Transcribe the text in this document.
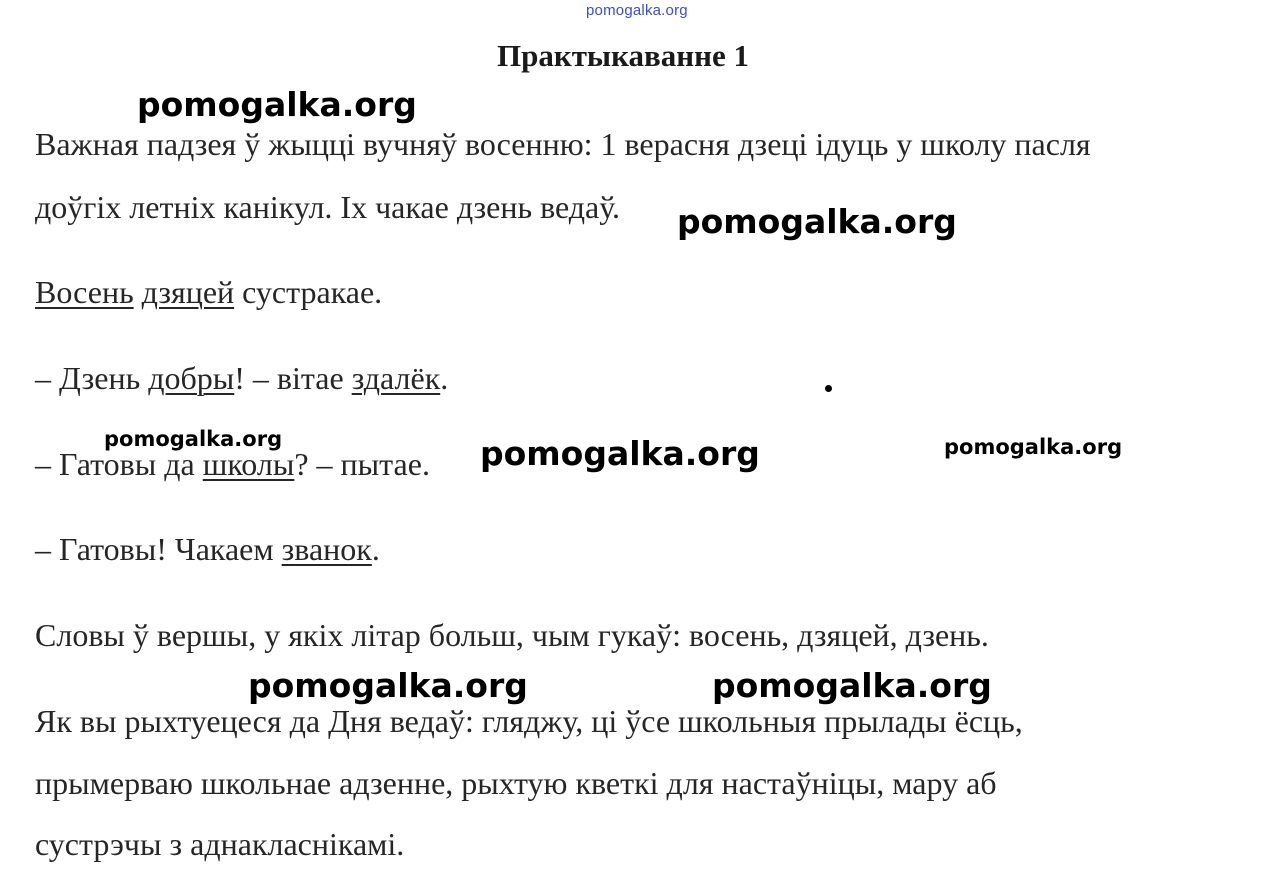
pomogalka.org
Практыкаванне 1
Важная падзея ў жыцці вучняў восенню: 1 верасня дзеці ідуць у школу пасля
доўгіх летніх канікул. Іх чакае дзень ведаў.
Восень дзяцей сустракае.
– Дзень добры! – вітае здалёк.
– Гатовы да школы? – пытае.
– Гатовы! Чакаем званок.
Словы ў вершы, у якіх літар больш, чым гукаў: восень, дзяцей, дзень.
Як вы рыхтуецеся да Дня ведаў: гляджу, ці ўсе школьныя прылады ёсць,
прымерваю школьнае адзенне, рыхтую кветкі для настаўніцы, мару аб
сустрэчы з аднакласнікамі.
pomogalka.org
pomogalka.org
pomogalka.org	pomogalka.org	pomogalka.org
pomogalka.org	pomogalka.org
